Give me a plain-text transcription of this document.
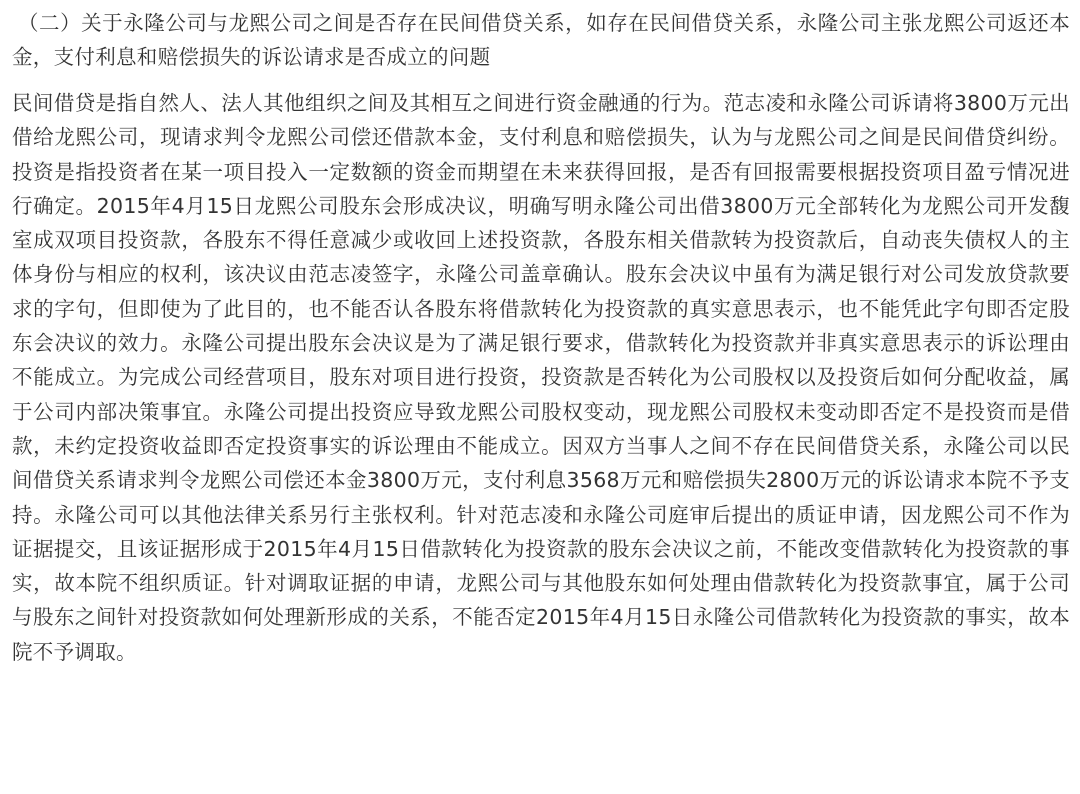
（二）关于永隆公司与龙熙公司之间是否存在民间借贷关系，如存在民间借贷关系，永隆公司主张龙熙公司返还本金，支付利息和赔偿损失的诉讼请求是否成立的问题

民间借贷是指自然人、法人其他组织之间及其相互之间进行资金融通的行为。范志凌和永隆公司诉请将3800万元出借给龙熙公司，现请求判令龙熙公司偿还借款本金，支付利息和赔偿损失，认为与龙熙公司之间是民间借贷纠纷。投资是指投资者在某一项目投入一定数额的资金而期望在未来获得回报，是否有回报需要根据投资项目盈亏情况进行确定。2015年4月15日龙熙公司股东会形成决议，明确写明永隆公司出借3800万元全部转化为龙熙公司开发馥室成双项目投资款，各股东不得任意减少或收回上述投资款，各股东相关借款转为投资款后，自动丧失债权人的主体身份与相应的权利，该决议由范志凌签字，永隆公司盖章确认。股东会决议中虽有为满足银行对公司发放贷款要求的字句，但即使为了此目的，也不能否认各股东将借款转化为投资款的真实意思表示，也不能凭此字句即否定股东会决议的效力。永隆公司提出股东会决议是为了满足银行要求，借款转化为投资款并非真实意思表示的诉讼理由不能成立。为完成公司经营项目，股东对项目进行投资，投资款是否转化为公司股权以及投资后如何分配收益，属于公司内部决策事宜。永隆公司提出投资应导致龙熙公司股权变动，现龙熙公司股权未变动即否定不是投资而是借款，未约定投资收益即否定投资事实的诉讼理由不能成立。因双方当事人之间不存在民间借贷关系，永隆公司以民间借贷关系请求判令龙熙公司偿还本金3800万元，支付利息3568万元和赔偿损失2800万元的诉讼请求本院不予支持。永隆公司可以其他法律关系另行主张权利。针对范志凌和永隆公司庭审后提出的质证申请，因龙熙公司不作为证据提交，且该证据形成于2015年4月15日借款转化为投资款的股东会决议之前，不能改变借款转化为投资款的事实，故本院不组织质证。针对调取证据的申请，龙熙公司与其他股东如何处理由借款转化为投资款事宜，属于公司与股东之间针对投资款如何处理新形成的关系，不能否定2015年4月15日永隆公司借款转化为投资款的事实，故本院不予调取。
